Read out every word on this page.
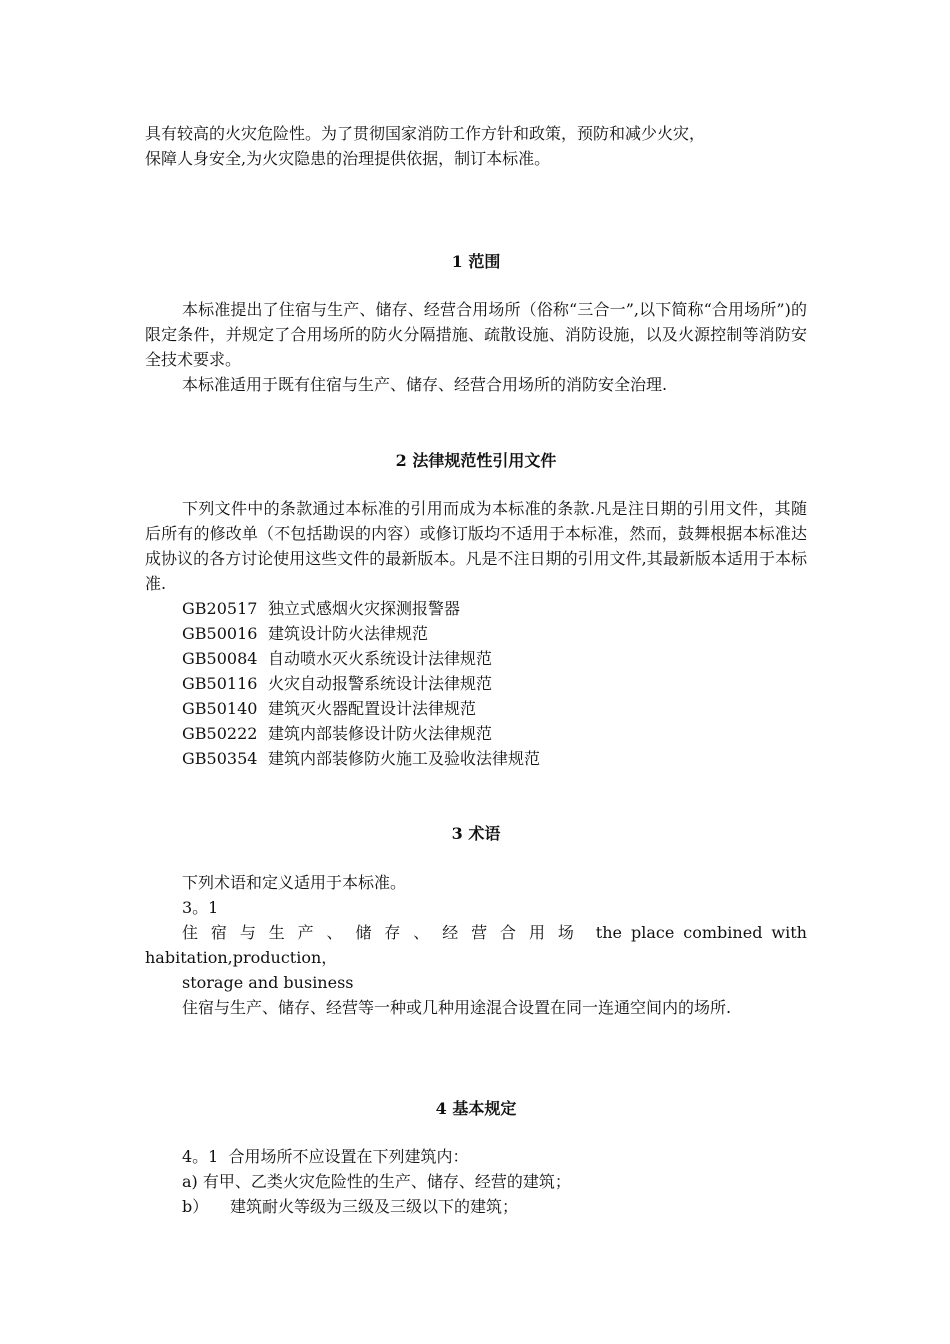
具有较高的火灾危险性。为了贯彻国家消防工作方针和政策，预防和减少火灾，

保障人身安全,为火灾隐患的治理提供依据，制订本标准。

1 范围

本标准提出了住宿与生产、储存、经营合用场所（俗称“三合一”,以下简称“合用场所”)的限定条件，并规定了合用场所的防火分隔措施、疏散设施、消防设施，以及火源控制等消防安全技术要求。

本标准适用于既有住宿与生产、储存、经营合用场所的消防安全治理.

2 法律规范性引用文件

下列文件中的条款通过本标准的引用而成为本标准的条款.凡是注日期的引用文件，其随后所有的修改单（不包括勘误的内容）或修订版均不适用于本标准，然而，鼓舞根据本标准达成协议的各方讨论使用这些文件的最新版本。凡是不注日期的引用文件,其最新版本适用于本标准.

GB20517 独立式感烟火灾探测报警器

GB50016 建筑设计防火法律规范

GB50084 自动喷水灭火系统设计法律规范

GB50116 火灾自动报警系统设计法律规范

GB50140 建筑灭火器配置设计法律规范

GB50222 建筑内部装修设计防火法律规范

GB50354 建筑内部装修防火施工及验收法律规范

3 术语

下列术语和定义适用于本标准。

3。1

住宿与生产、储存、经营合用场 the place combined with

habitation,production，

storage and business

住宿与生产、储存、经营等一种或几种用途混合设置在同一连通空间内的场所.

4 基本规定

4。1 合用场所不应设置在下列建筑内：

a) 有甲、乙类火灾危险性的生产、储存、经营的建筑；

b） 建筑耐火等级为三级及三级以下的建筑；
